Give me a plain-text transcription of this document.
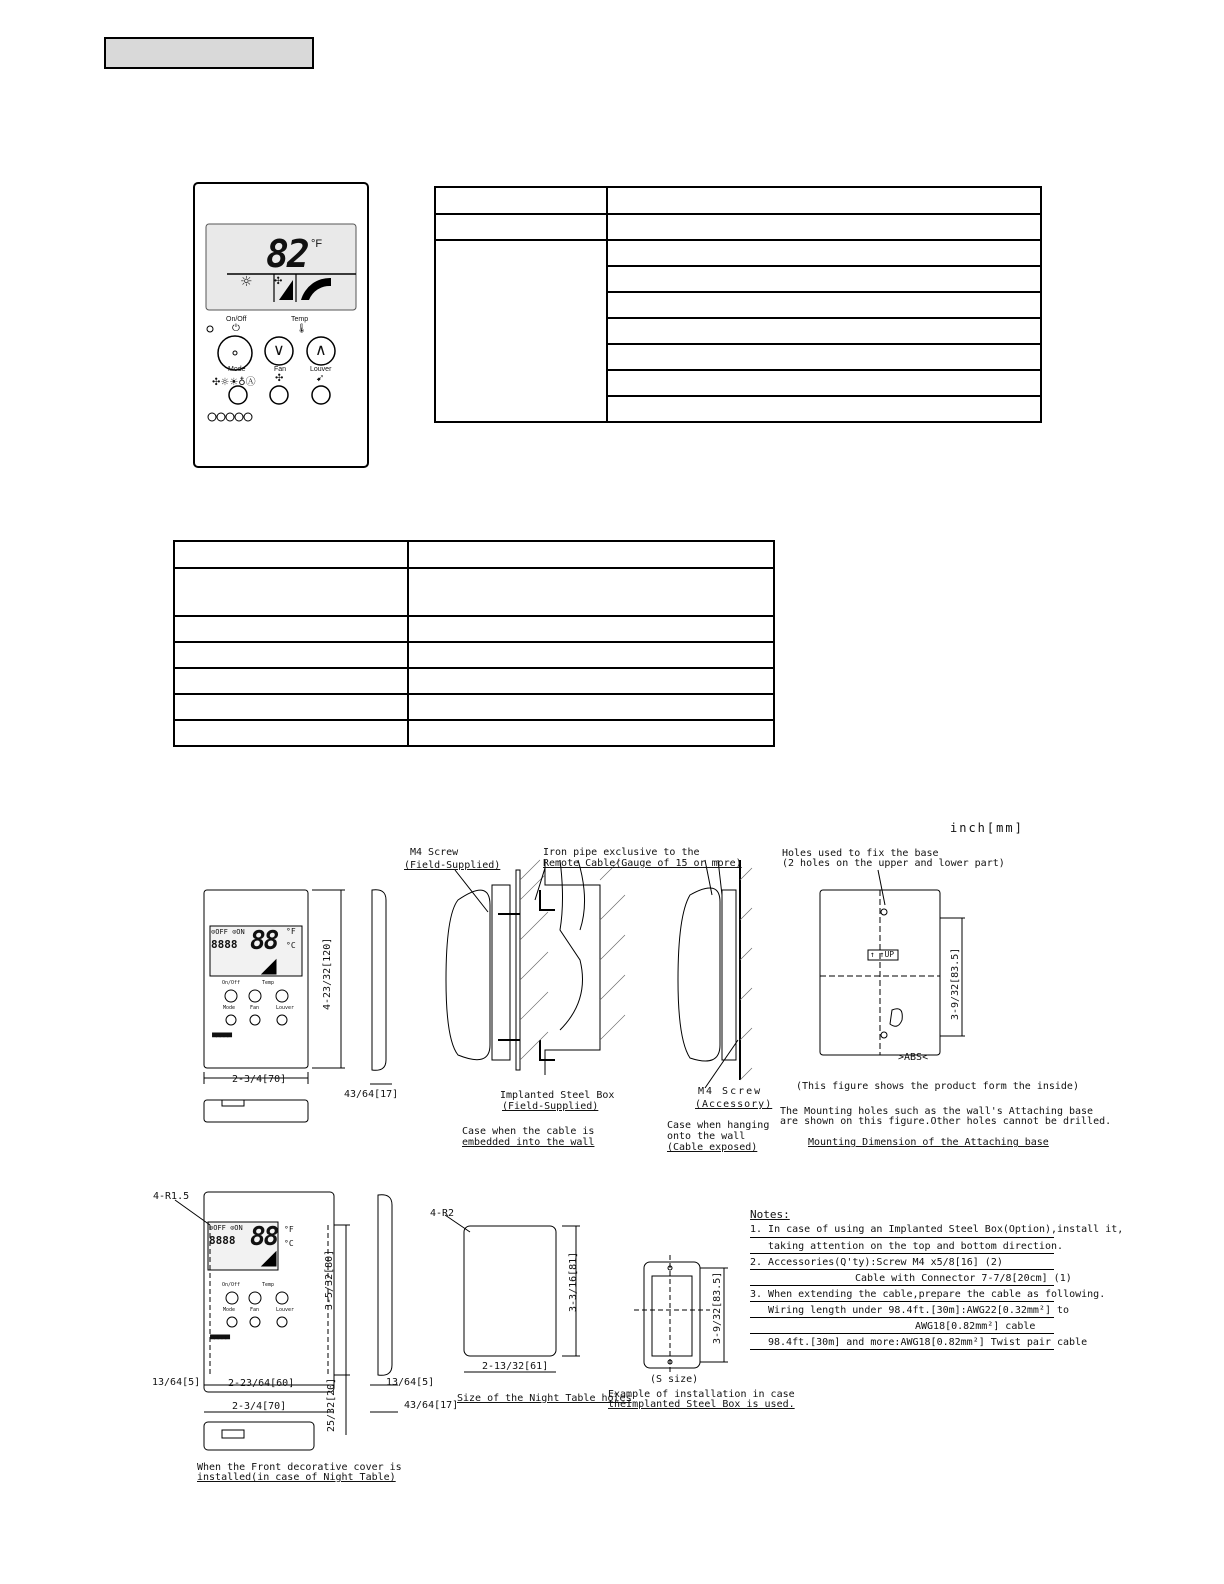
82 °F
☼ ✣
On/Off
⏻
Temp
🌡
∨ ∧
Mode	Fan	Louver
✣☼☀♁Ⓐ ✣	➹

inch[mm]
⊙OFF ⊙ON
8888 88 °F
°C
On/Off	Temp
Mode	Fan	Louver
■■■■■
⊙OFF ⊙ON
8888 88 °F
°C
On/Off	Temp
Mode	Fan	Louver
■■■■■
4-23/32[120]
2-3/4[70]
43/64[17]
M4 Screw
(Field-Supplied)
Iron pipe exclusive to the
Remote Cable(Gauge of 15 or more)
Implanted Steel Box
(Field-Supplied)
Case when the cable is
embedded into the wall
M4 Screw
(Accessory)
Case when hanging
onto the wall
(Cable exposed)
Holes used to fix the base
(2 holes on the upper and lower part)
↑ ↑UP
>ABS<
3-9/32[83.5]
(This figure shows the product form the inside)
The Mounting holes such as the wall's Attaching base
are shown on this figure.Other holes cannot be drilled.
Mounting Dimension of the Attaching base
4-R1.5
3-5/32[80]
13/64[5]	2-23/64[60]	13/64[5]
2-3/4[70]	43/64[17]
25/32[20]
When the Front decorative cover is
installed(in case of Night Table)
4-R2
3-3/16[81]
2-13/32[61]
Size of the Night Table holes
(S size)
Example of installation in case
theImplanted Steel Box is used.
3-9/32[83.5]
Notes:
1. In case of using an Implanted Steel Box(Option),install it,
taking attention on the top and bottom direction.
2. Accessories(Q'ty):Screw M4 x5/8[16] (2)
Cable with Connector 7-7/8[20cm] (1)
3. When extending the cable,prepare the cable as following.
Wiring length under 98.4ft.[30m]:AWG22[0.32mm²] to
AWG18[0.82mm²] cable
98.4ft.[30m] and more:AWG18[0.82mm²] Twist pair cable
